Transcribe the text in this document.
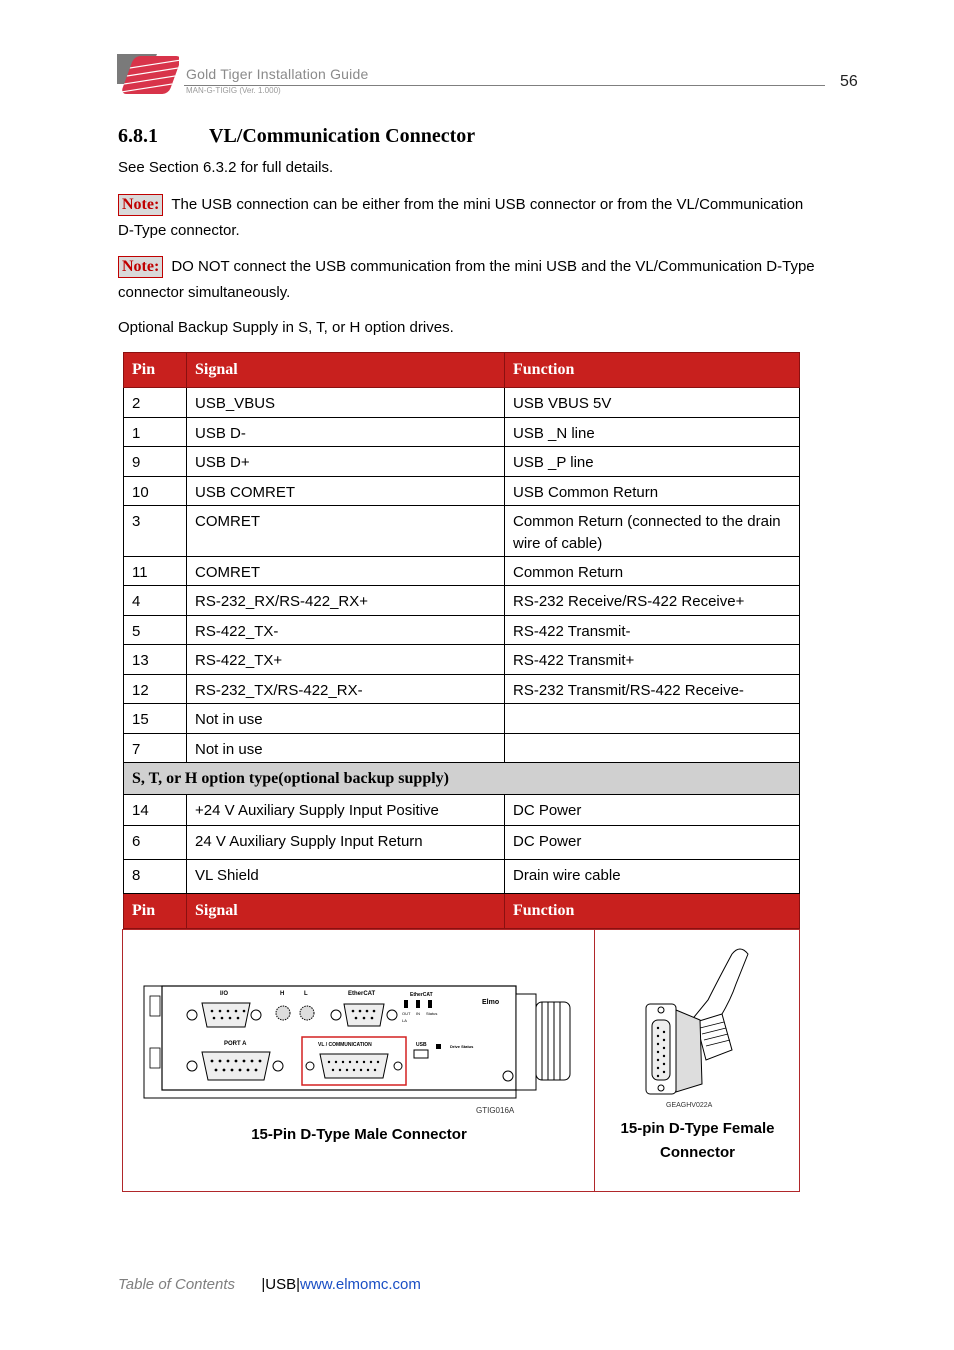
Gold Tiger Installation Guide
MAN-G-TIGIG (Ver. 1.000)
56
6.8.1	VL/Communication Connector
See Section 6.3.2 for full details.
Note: The USB connection can be either from the mini USB connector or from the VL/Communication D-Type connector.
Note: DO NOT connect the USB communication from the mini USB and the VL/Communication D-Type connector simultaneously.
Optional Backup Supply in S, T, or H option drives.
Pin	Signal	Function
2	USB_VBUS	USB VBUS 5V
1	USB D-	USB _N line
9	USB D+	USB _P line
10	USB COMRET	USB Common Return
3	COMRET	Common Return (connected to the drain wire of cable)
11	COMRET	Common Return
4	RS-232_RX/RS-422_RX+	RS-232 Receive/RS-422 Receive+
5	RS-422_TX-	RS-422 Transmit-
13	RS-422_TX+	RS-422 Transmit+
12	RS-232_TX/RS-422_RX-	RS-232 Transmit/RS-422 Receive-
15	Not in use	
7	Not in use	
S, T, or H option type(optional backup supply)		
14	+24 V Auxiliary Supply Input Positive	DC Power
6	24 V Auxiliary Supply Input Return	DC Power
8	VL Shield	Drain wire cable
Pin	Signal	Function
I/O	H	L	EtherCAT	EtherCAT
OUT IN
LA
Status
Elmo
PORT A	VL / COMMUNICATION	USB	Drive Status
GTIG016A
15-Pin D-Type Male Connector
GEAGHV022A
15-pin D-Type Female Connector
Table of Contents |USB|www.elmomc.com
